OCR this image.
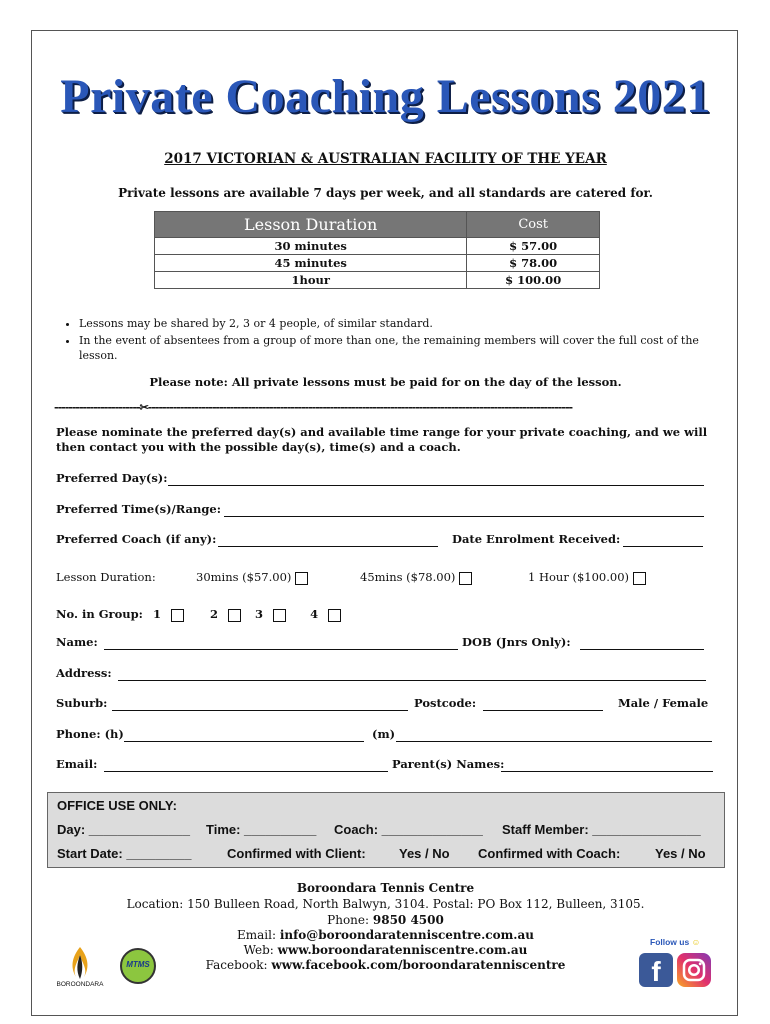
Private Coaching Lessons 2021
2017 VICTORIAN & AUSTRALIAN FACILITY OF THE YEAR
Private lessons are available 7 days per week, and all standards are catered for.
Lesson Duration	Cost
30 minutes	$ 57.00
45 minutes	$ 78.00
1hour	$ 100.00
• Lessons may be shared by 2, 3 or 4 people, of similar standard.
• In the event of absentees from a group of more than one, the remaining members will cover the full cost of the lesson.
Please note: All private lessons must be paid for on the day of the lesson.
------------------------✂-----------------------------------------------------------------------------------------------------------------------
Please nominate the preferred day(s) and available time range for your private coaching, and we will then contact you with the possible day(s), time(s) and a coach.
Preferred Day(s):
Preferred Time(s)/Range:
Preferred Coach (if any):	Date Enrolment Received:
Lesson Duration:	30mins ($57.00)	45mins ($78.00)	1 Hour ($100.00)
No. in Group: 1	2	3	4
Name:	DOB (Jnrs Only):
Address:
Suburb:	Postcode:	Male / Female
Phone: (h)	(m)
Email:	Parent(s) Names:
OFFICE USE ONLY:
Day: ______________ Time: __________ Coach: ______________ Staff Member: _______________
Start Date: _________	Confirmed with Client:	Yes / No Confirmed with Coach:	Yes / No
Boroondara Tennis Centre
Location: 150 Bulleen Road, North Balwyn, 3104. Postal: PO Box 112, Bulleen, 3105.
Phone: 9850 4500
Email: info@boroondaratenniscentre.com.au
Web: www.boroondaratenniscentre.com.au
Facebook: www.facebook.com/boroondaratenniscentre
BOROONDARA
MTMS
Follow us ☺
f
